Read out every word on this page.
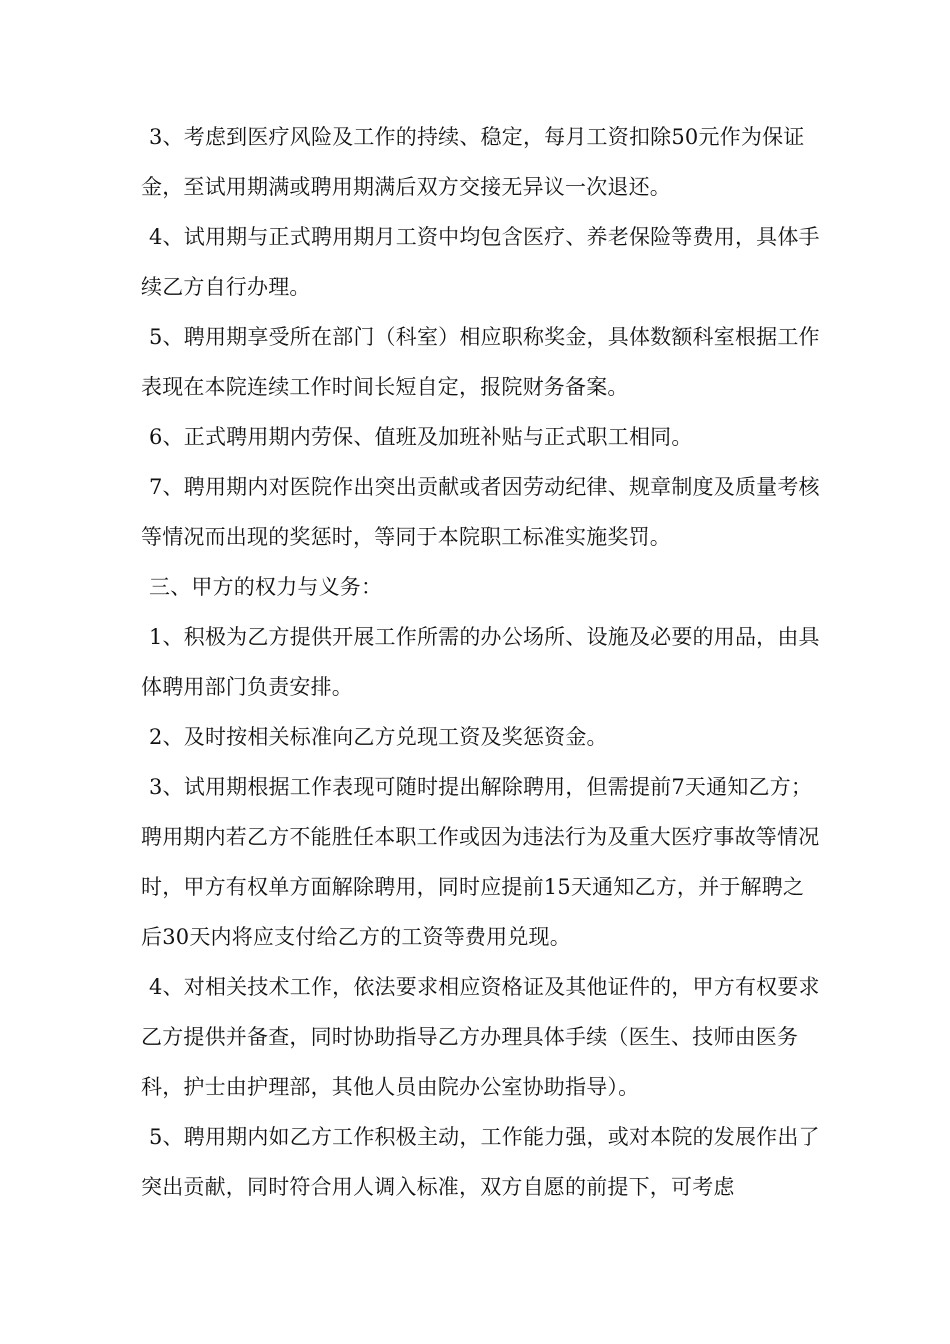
3、考虑到医疗风险及工作的持续、稳定，每月工资扣除50元作为保证金，至试用期满或聘用期满后双方交接无异议一次退还。

4、试用期与正式聘用期月工资中均包含医疗、养老保险等费用，具体手续乙方自行办理。

5、聘用期享受所在部门（科室）相应职称奖金，具体数额科室根据工作表现在本院连续工作时间长短自定，报院财务备案。

6、正式聘用期内劳保、值班及加班补贴与正式职工相同。

7、聘用期内对医院作出突出贡献或者因劳动纪律、规章制度及质量考核等情况而出现的奖惩时，等同于本院职工标准实施奖罚。

三、甲方的权力与义务：

1、积极为乙方提供开展工作所需的办公场所、设施及必要的用品，由具体聘用部门负责安排。

2、及时按相关标准向乙方兑现工资及奖惩资金。

3、试用期根据工作表现可随时提出解除聘用，但需提前7天通知乙方；聘用期内若乙方不能胜任本职工作或因为违法行为及重大医疗事故等情况时，甲方有权单方面解除聘用，同时应提前15天通知乙方，并于解聘之后30天内将应支付给乙方的工资等费用兑现。

4、对相关技术工作，依法要求相应资格证及其他证件的，甲方有权要求乙方提供并备查，同时协助指导乙方办理具体手续（医生、技师由医务科，护士由护理部，其他人员由院办公室协助指导）。

5、聘用期内如乙方工作积极主动，工作能力强，或对本院的发展作出了突出贡献，同时符合用人调入标准，双方自愿的前提下，可考虑
